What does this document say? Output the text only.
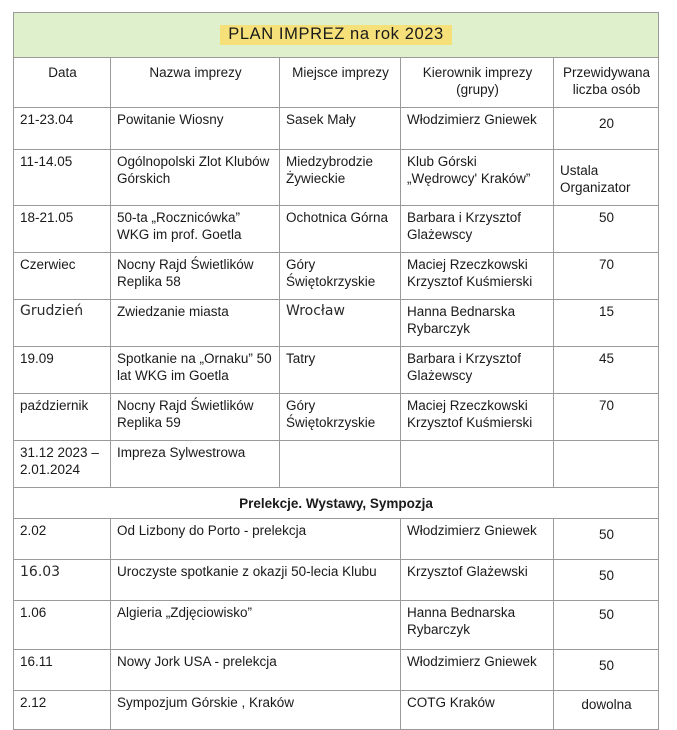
PLAN IMPREZ na rok 2023				
Data	Nazwa imprezy	Miejsce imprezy	Kierownik imprezy (grupy)	Przewidywana liczba osób
21-23.04	Powitanie Wiosny	Sasek Mały	Włodzimierz Gniewek	20
11-14.05	Ogólnopolski Zlot Klubów Górskich	Miedzybrodzie Żywieckie	Klub Górski „Wędrowcy' Kraków”	Ustala Organizator
18-21.05	50-ta „Rocznicówka” WKG im prof. Goetla	Ochotnica Górna	Barbara i Krzysztof Glażewscy	50
Czerwiec	Nocny Rajd Świetlików Replika 58	Góry Świętokrzyskie	Maciej Rzeczkowski Krzysztof Kuśmierski	70
Grudzień	Zwiedzanie miasta	Wrocław	Hanna Bednarska Rybarczyk	15
19.09	Spotkanie na „Ornaku” 50 lat WKG im Goetla	Tatry	Barbara i Krzysztof Glażewscy	45
październik	Nocny Rajd Świetlików Replika 59	Góry Świętokrzyskie	Maciej Rzeczkowski Krzysztof Kuśmierski	70
31.12 2023 – 2.01.2024	Impreza Sylwestrowa			
Prelekcje. Wystawy, Sympozja				
2.02	Od Lizbony do Porto - prelekcja		Włodzimierz Gniewek	50
16.03	Uroczyste spotkanie z okazji 50-lecia Klubu		Krzysztof Glażewski	50
1.06	Algieria „Zdjęciowisko”		Hanna Bednarska Rybarczyk	50
16.11	Nowy Jork USA - prelekcja		Włodzimierz Gniewek	50
2.12	Sympozjum Górskie , Kraków		COTG Kraków	dowolna
